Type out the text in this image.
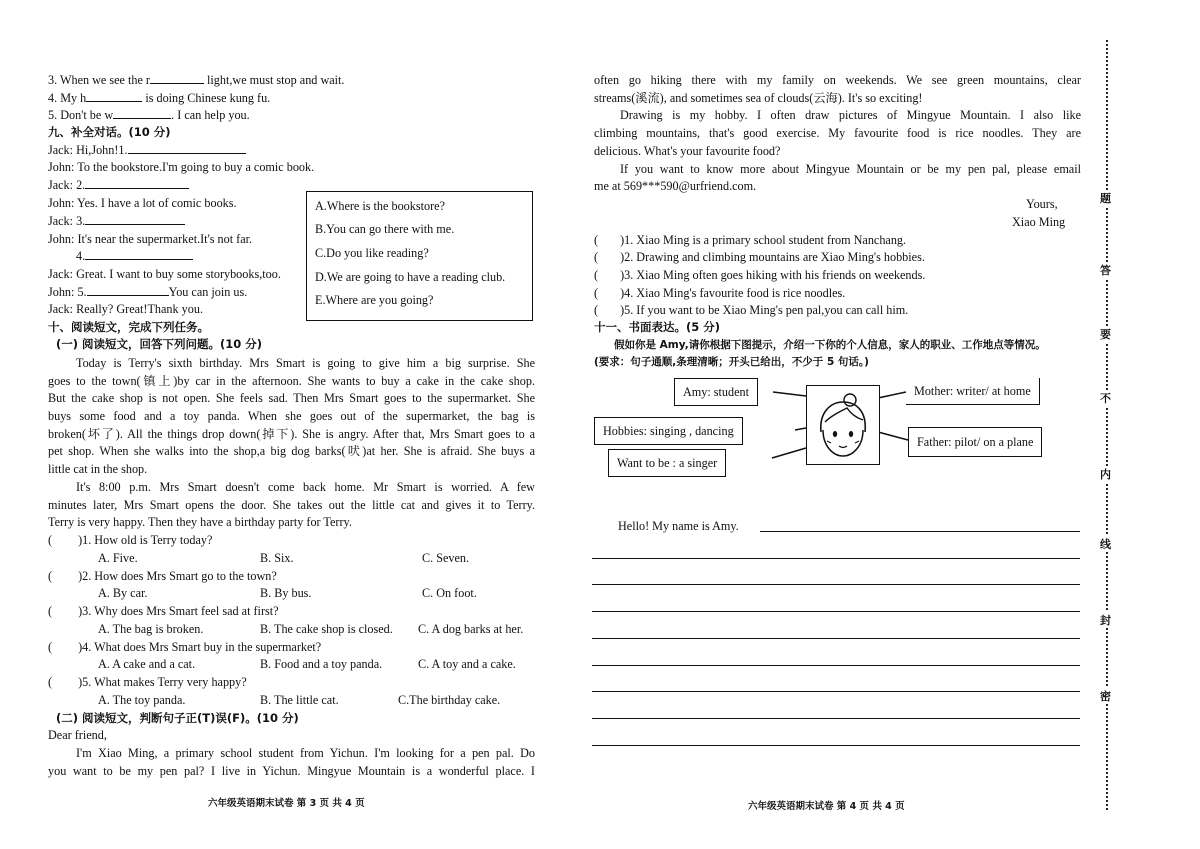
3. When we see the r	light,we must stop and wait.
4. My h	is doing Chinese kung fu.
5. Don't be w	. I can help you.
九、补全对话。(10 分)
Jack: Hi,John!1.
John: To the bookstore.I'm going to buy a comic book.
Jack: 2.
John: Yes. I have a lot of comic books.
Jack: 3.
John: It's near the supermarket.It's not far.
4.
Jack: Great. I want to buy some storybooks,too.
John: 5.	You can join us.
Jack: Really? Great!Thank you.
A.Where is the bookstore?
B.You can go there with me.
C.Do you like reading?
D.We are going to have a reading club.
E.Where are you going?
十、阅读短文，完成下列任务。
(一) 阅读短文，回答下列问题。(10 分)
Today is Terry's sixth birthday. Mrs Smart is going to give him a big surprise. She
goes to the town(镇上)by car in the afternoon. She wants to buy a cake in the cake shop.
But the cake shop is not open. She feels sad. Then Mrs Smart goes to the supermarket. She
buys some food and a toy panda. When she goes out of the supermarket, the bag is
broken(坏了). All the things drop down(掉下). She is angry. After that, Mrs Smart goes to a
pet shop. When she walks into the shop,a big dog barks(吠)at her. She is afraid. She buys a
little cat in the shop.
It's 8:00 p.m. Mrs Smart doesn't come back home. Mr Smart is worried. A few
minutes later, Mrs Smart opens the door. She takes out the little cat and gives it to Terry.
Terry is very happy. Then they have a birthday party for Terry.
( )1. How old is Terry today?
A. Five.	B. Six.	C. Seven.
( )2. How does Mrs Smart go to the town?
A. By car.	B. By bus.	C. On foot.
( )3. Why does Mrs Smart feel sad at first?
A. The bag is broken.	B. The cake shop is closed. C. A dog barks at her.
( )4. What does Mrs Smart buy in the supermarket?
A. A cake and a cat.	B. Food and a toy panda.	C. A toy and a cake.
( )5. What makes Terry very happy?
A. The toy panda.	B. The little cat.	C.The birthday cake.
(二) 阅读短文，判断句子正(T)误(F)。(10 分)
Dear friend,
I'm Xiao Ming, a primary school student from Yichun. I'm looking for a pen pal. Do
you want to be my pen pal? I live in Yichun. Mingyue Mountain is a wonderful place. I
六年级英语期末试卷 第 3 页 共 4 页
often go hiking there with my family on weekends. We see green mountains, clear
streams(溪流), and sometimes sea of clouds(云海). It's so exciting!
Drawing is my hobby. I often draw pictures of Mingyue Mountain. I also like
climbing mountains, that's good exercise. My favourite food is rice noodles. They are
delicious. What's your favourite food?
If you want to know more about Mingyue Mountain or be my pen pal, please email
me at 569***590@urfriend.com.
Yours,
Xiao Ming
( )1. Xiao Ming is a primary school student from Nanchang.
( )2. Drawing and climbing mountains are Xiao Ming's hobbies.
( )3. Xiao Ming often goes hiking with his friends on weekends.
( )4. Xiao Ming's favourite food is rice noodles.
( )5. If you want to be Xiao Ming's pen pal,you can call him.
十一、书面表达。(5 分)
假如你是 Amy,请你根据下图提示，介绍一下你的个人信息，家人的职业、工作地点等情况。
(要求：句子通顺,条理清晰；开头已给出，不少于 5 句话。)
Amy: student
Hobbies: singing , dancing
Want to be : a singer
Mother: writer/ at home
Father: pilot/ on a plane
Hello! My name is Amy.
六年级英语期末试卷 第 4 页 共 4 页
题
答
要
不
内
线
封
密
